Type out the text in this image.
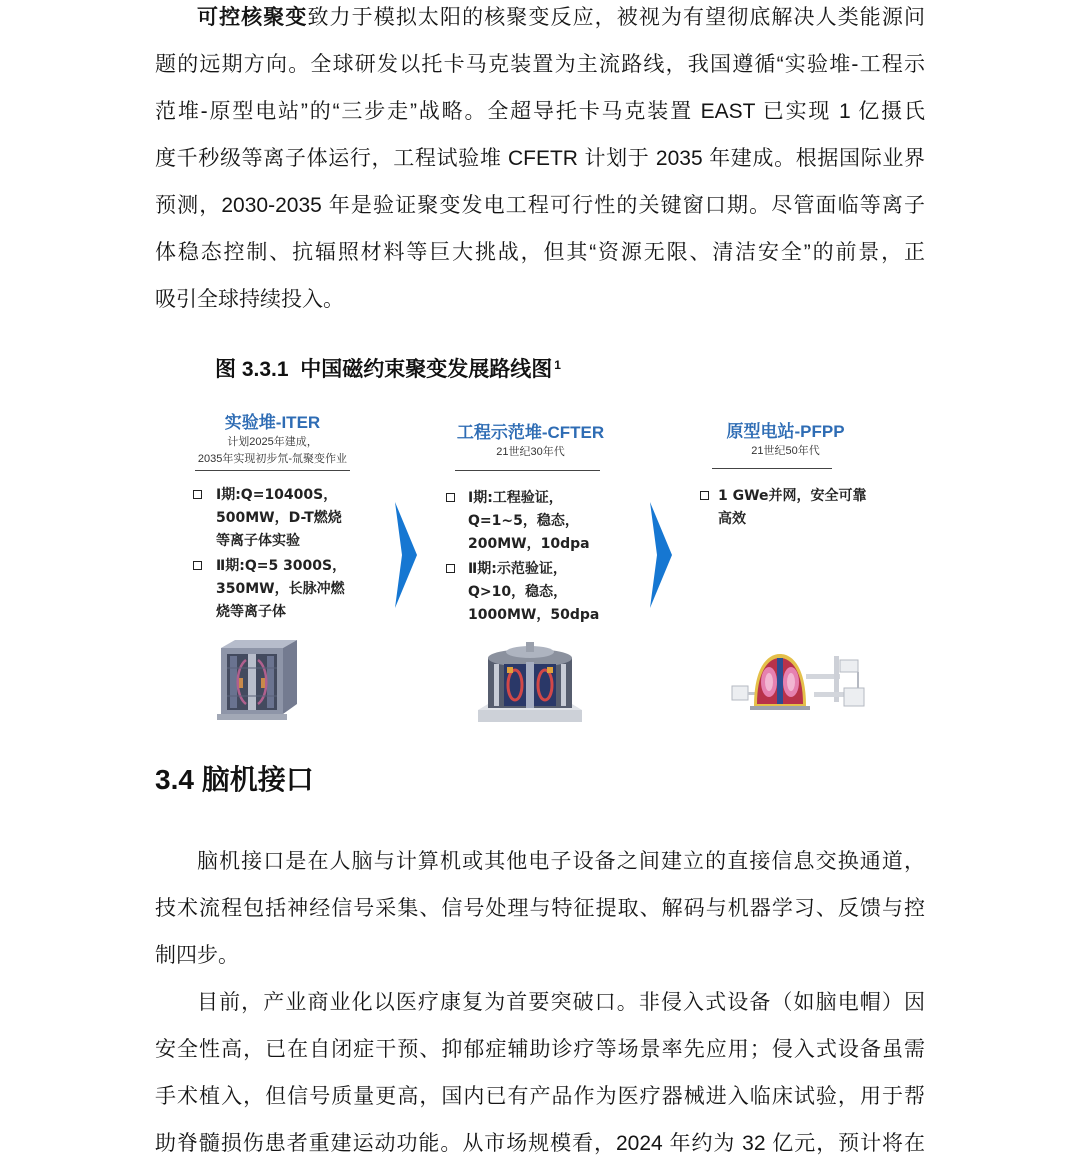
可控核聚变致力于模拟太阳的核聚变反应，被视为有望彻底解决人类能源问
题的远期方向。全球研发以托卡马克装置为主流路线，我国遵循“实验堆-工程示
范堆-原型电站”的“三步走”战略。全超导托卡马克装置 EAST 已实现 1 亿摄氏
度千秒级等离子体运行，工程试验堆 CFETR 计划于 2035 年建成。根据国际业界
预测，2030-2035 年是验证聚变发电工程可行性的关键窗口期。尽管面临等离子
体稳态控制、抗辐照材料等巨大挑战，但其“资源无限、清洁安全”的前景，正
吸引全球持续投入。
图 3.3.1  中国磁约束聚变发展路线图 $^1$
实验堆-ITER
计划2025年建成，
2035年实现初步氘-氚聚变作业
Ⅰ期:Q=10400S，
500MW，D-T燃烧
等离子体实验
Ⅱ期:Q=5 3000S，
350MW，长脉冲燃
烧等离子体
工程示范堆-CFTER
21世纪30年代
Ⅰ期:工程验证，
Q=1~5，稳态，
200MW，10dpa
Ⅱ期:示范验证，
Q>10，稳态，
1000MW，50dpa
原型电站-PFPP
21世纪50年代
1 GWe并网，安全可靠
高效
3.4 脑机接口
脑机接口是在人脑与计算机或其他电子设备之间建立的直接信息交换通道，
技术流程包括神经信号采集、信号处理与特征提取、解码与机器学习、反馈与控
制四步。
目前，产业商业化以医疗康复为首要突破口。非侵入式设备（如脑电帽）因
安全性高，已在自闭症干预、抑郁症辅助诊疗等场景率先应用；侵入式设备虽需
手术植入，但信号质量更高，国内已有产品作为医疗器械进入临床试验，用于帮
助脊髓损伤患者重建运动功能。从市场规模看，2024 年约为 32 亿元，预计将在
